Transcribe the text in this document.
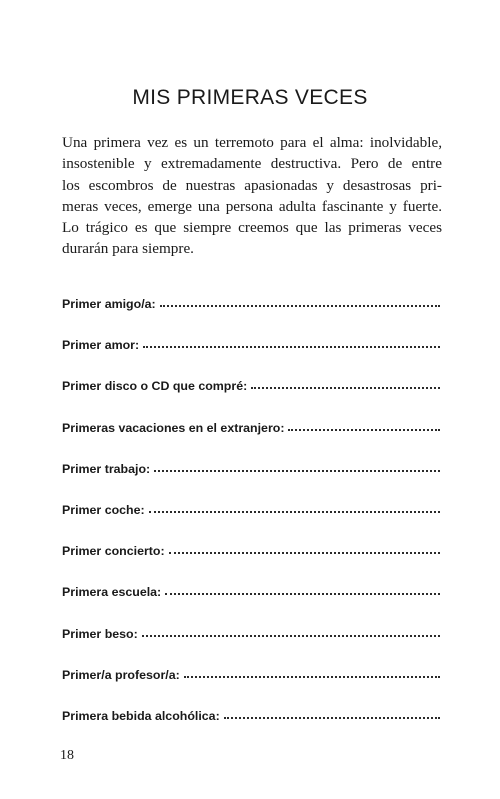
MIS PRIMERAS VECES
Una primera vez es un terremoto para el alma: inolvidable,
insostenible y extremadamente destructiva. Pero de entre
los escombros de nuestras apasionadas y desastrosas pri-
meras veces, emerge una persona adulta fascinante y fuerte.
Lo trágico es que siempre creemos que las primeras veces
durarán para siempre.
Primer amigo/a:
Primer amor:
Primer disco o CD que compré:
Primeras vacaciones en el extranjero:
Primer trabajo:
Primer coche:
Primer concierto:
Primera escuela:
Primer beso:
Primer/a profesor/a:
Primera bebida alcohólica:
18
